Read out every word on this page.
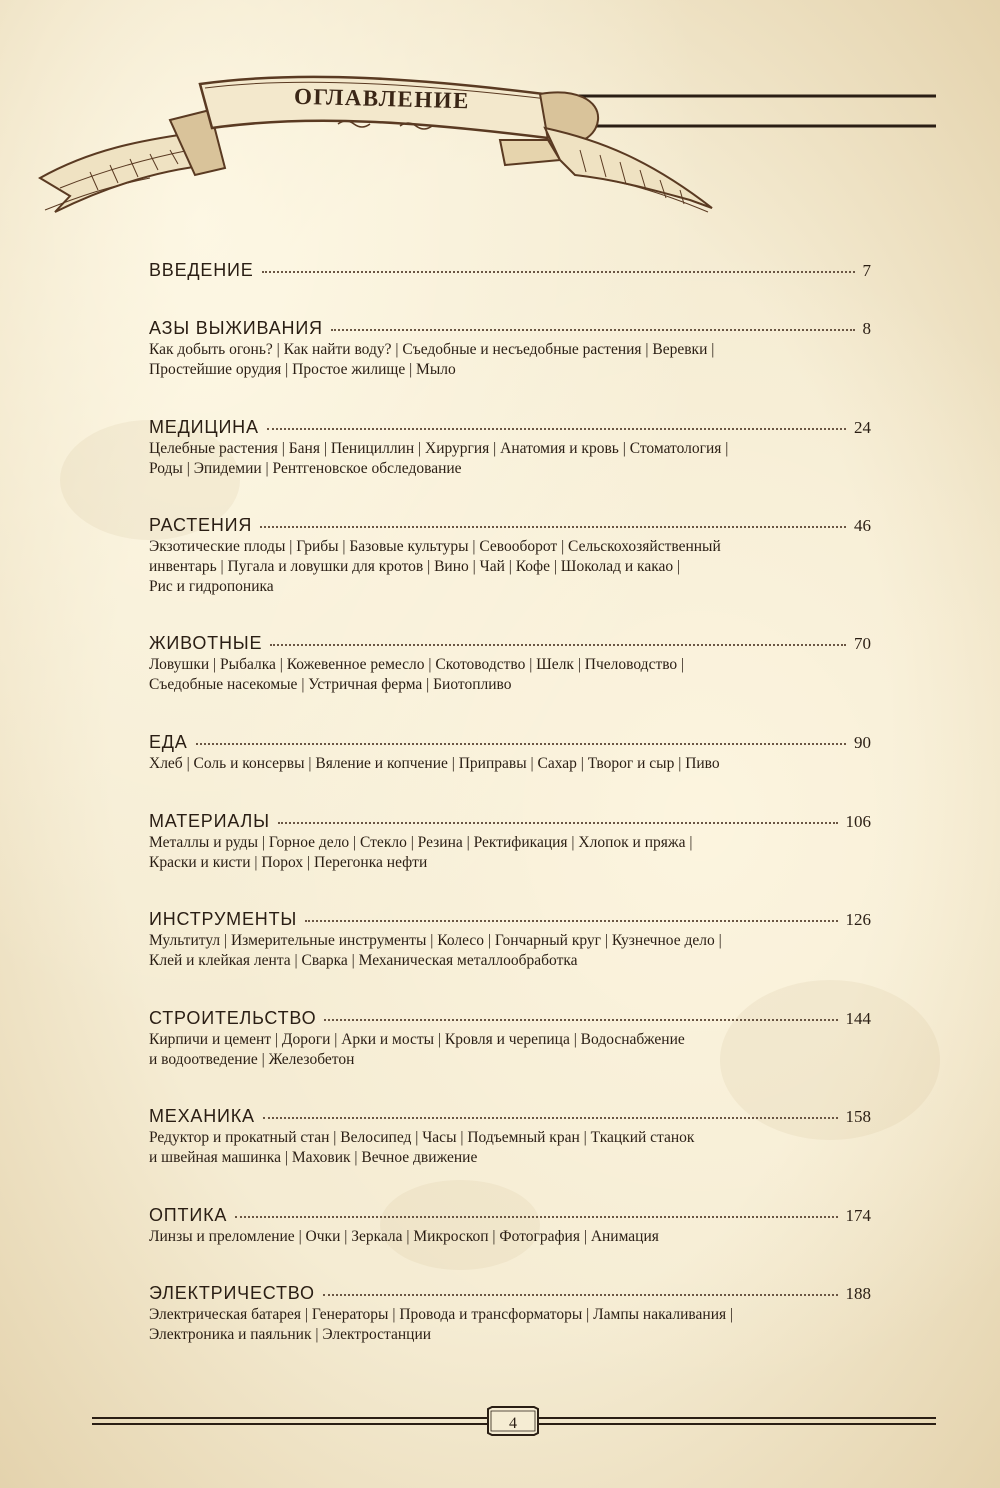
ОГЛАВЛЕНИЕ
ВВЕДЕНИЕ	7
АЗЫ ВЫЖИВАНИЯ	8
Как добыть огонь? | Как найти воду? | Съедобные и несъедобные растения | Веревки |
Простейшие орудия | Простое жилище | Мыло
МЕДИЦИНА	24
Целебные растения | Баня | Пенициллин | Хирургия | Анатомия и кровь | Стоматология |
Роды | Эпидемии | Рентгеновское обследование
РАСТЕНИЯ	46
Экзотические плоды | Грибы | Базовые культуры | Севооборот | Сельскохозяйственный
инвентарь | Пугала и ловушки для кротов | Вино | Чай | Кофе | Шоколад и какао |
Рис и гидропоника
ЖИВОТНЫЕ	70
Ловушки | Рыбалка | Кожевенное ремесло | Скотоводство | Шелк | Пчеловодство |
Съедобные насекомые | Устричная ферма | Биотопливо
ЕДА	90
Хлеб | Соль и консервы | Вяление и копчение | Приправы | Сахар | Творог и сыр | Пиво
МАТЕРИАЛЫ	106
Металлы и руды | Горное дело | Стекло | Резина | Ректификация | Хлопок и пряжа |
Краски и кисти | Порох | Перегонка нефти
ИНСТРУМЕНТЫ	126
Мультитул | Измерительные инструменты | Колесо | Гончарный круг | Кузнечное дело |
Клей и клейкая лента | Сварка | Механическая металлообработка
СТРОИТЕЛЬСТВО	144
Кирпичи и цемент | Дороги | Арки и мосты | Кровля и черепица | Водоснабжение
и водоотведение | Железобетон
МЕХАНИКА	158
Редуктор и прокатный стан | Велосипед | Часы | Подъемный кран | Ткацкий станок
и швейная машинка | Маховик | Вечное движение
ОПТИКА	174
Линзы и преломление | Очки | Зеркала | Микроскоп | Фотография | Анимация
ЭЛЕКТРИЧЕСТВО	188
Электрическая батарея | Генераторы | Провода и трансформаторы | Лампы накаливания |
Электроника и паяльник | Электростанции
4
